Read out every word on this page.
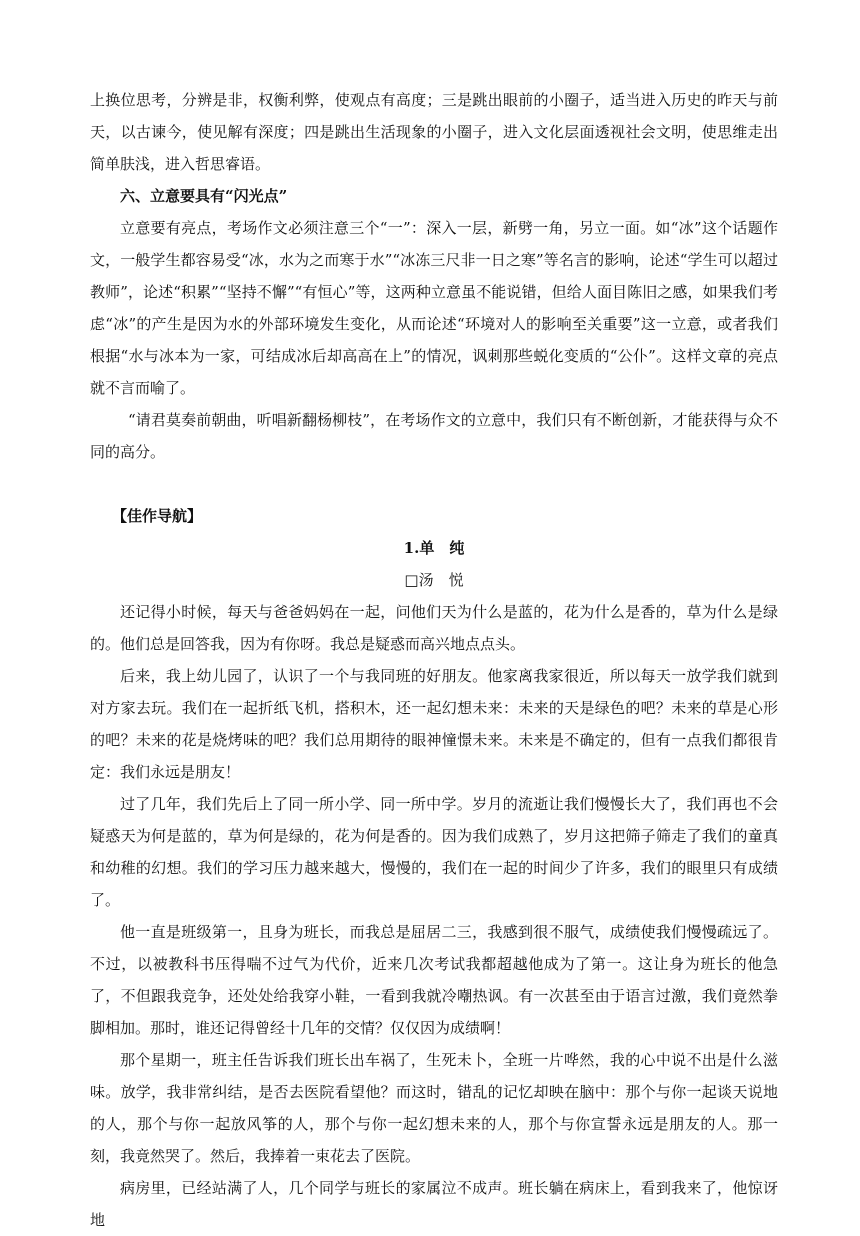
上换位思考，分辨是非，权衡利弊，使观点有高度；三是跳出眼前的小圈子，适当进入历史的昨天与前天，以古谏今，使见解有深度；四是跳出生活现象的小圈子，进入文化层面透视社会文明，使思维走出简单肤浅，进入哲思睿语。

六、立意要具有“闪光点”

立意要有亮点，考场作文必须注意三个“一”：深入一层，新劈一角，另立一面。如“冰”这个话题作文，一般学生都容易受“冰，水为之而寒于水”“冰冻三尺非一日之寒”等名言的影响，论述“学生可以超过教师”，论述“积累”“坚持不懈”“有恒心”等，这两种立意虽不能说错，但给人面目陈旧之感，如果我们考虑“冰”的产生是因为水的外部环境发生变化，从而论述“环境对人的影响至关重要”这一立意，或者我们根据“水与冰本为一家，可结成冰后却高高在上”的情况，讽刺那些蜕化变质的“公仆”。这样文章的亮点就不言而喻了。

“请君莫奏前朝曲，听唱新翻杨柳枝”，在考场作文的立意中，我们只有不断创新，才能获得与众不同的高分。

【佳作导航】

1.单　纯

□汤　悦

还记得小时候，每天与爸爸妈妈在一起，问他们天为什么是蓝的，花为什么是香的，草为什么是绿的。他们总是回答我，因为有你呀。我总是疑惑而高兴地点点头。

后来，我上幼儿园了，认识了一个与我同班的好朋友。他家离我家很近，所以每天一放学我们就到对方家去玩。我们在一起折纸飞机，搭积木，还一起幻想未来：未来的天是绿色的吧？未来的草是心形的吧？未来的花是烧烤味的吧？我们总用期待的眼神憧憬未来。未来是不确定的，但有一点我们都很肯定：我们永远是朋友！

过了几年，我们先后上了同一所小学、同一所中学。岁月的流逝让我们慢慢长大了，我们再也不会疑惑天为何是蓝的，草为何是绿的，花为何是香的。因为我们成熟了，岁月这把筛子筛走了我们的童真和幼稚的幻想。我们的学习压力越来越大，慢慢的，我们在一起的时间少了许多，我们的眼里只有成绩了。

他一直是班级第一，且身为班长，而我总是屈居二三，我感到很不服气，成绩使我们慢慢疏远了。不过，以被教科书压得喘不过气为代价，近来几次考试我都超越他成为了第一。这让身为班长的他急了，不但跟我竞争，还处处给我穿小鞋，一看到我就冷嘲热讽。有一次甚至由于语言过激，我们竟然拳脚相加。那时，谁还记得曾经十几年的交情？仅仅因为成绩啊！

那个星期一，班主任告诉我们班长出车祸了，生死未卜，全班一片哗然，我的心中说不出是什么滋味。放学，我非常纠结，是否去医院看望他？而这时，错乱的记忆却映在脑中：那个与你一起谈天说地的人，那个与你一起放风筝的人，那个与你一起幻想未来的人，那个与你宣誓永远是朋友的人。那一刻，我竟然哭了。然后，我捧着一束花去了医院。

病房里，已经站满了人，几个同学与班长的家属泣不成声。班长躺在病床上，看到我来了，他惊讶地
